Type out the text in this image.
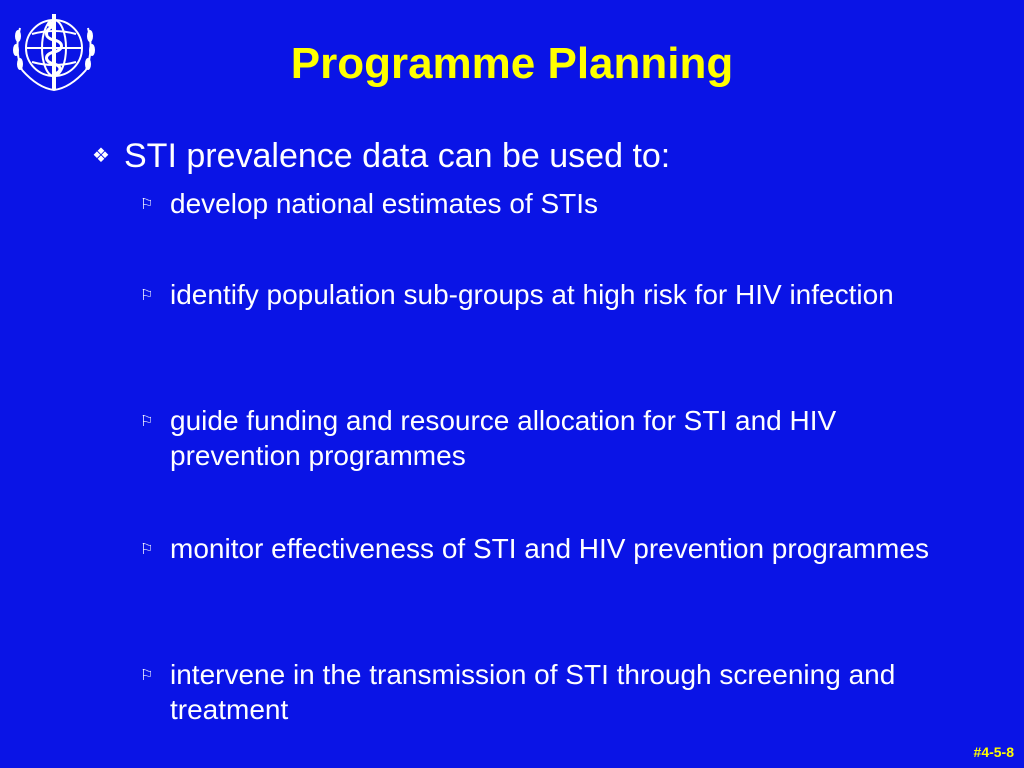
Programme Planning
❖ STI prevalence data can be used to:
⚐ develop national estimates of STIs
⚐ identify population sub-groups at high risk for HIV infection
⚐ guide funding and resource allocation for STI and HIV prevention programmes
⚐ monitor effectiveness of STI and HIV prevention programmes
⚐ intervene in the transmission of STI through screening and treatment
#4-5-8
